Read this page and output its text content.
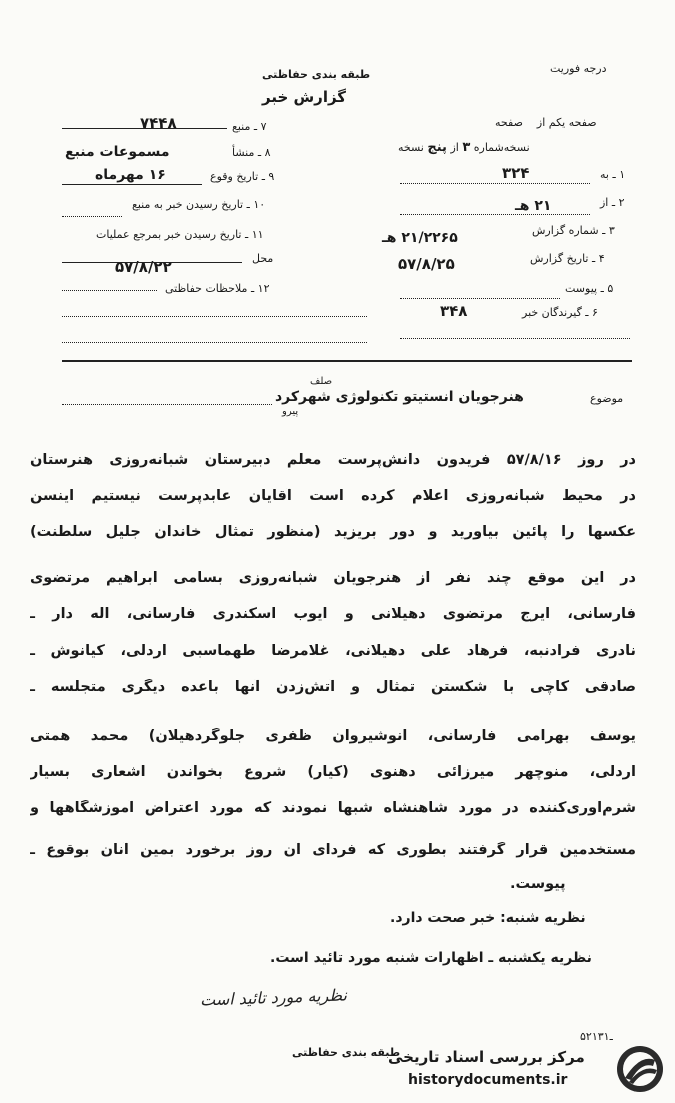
درجه فوریت
طبقه بندی حفاظتی
گزارش خبر
صفحه یکم از    صفحه
نسخه‌شماره ٣ از پنج نسخه
۱ ـ به
۳۲۴
۲ ـ از
۲۱ هـ
۳ ـ شماره گزارش
۲۱/۲۲۶۵ هـ
۴ ـ تاریخ گزارش
۵۷/۸/۲۵
۵ ـ پیوست
۶ ـ گیرندگان خبر
۳۴۸
۷ ـ منبع
۷۴۴۸
۸ ـ منشأ
مسموعات منبع
۹ ـ تاریخ وقوع
۱۶ مهرماه
۱۰ ـ تاریخ رسیدن خبر به منبع
۱۱ ـ تاریخ رسیدن خبر بمرجع عملیات
محل
۵۷/۸/۲۲
۱۲ ـ ملاحظات حفاظتی
موضوع
صلف
هنرجویان انستیتو تکنولوژی شهرکرد
پیرو
در روز ۵۷/۸/۱۶ فریدون دانش‌پرست معلم دبیرستان شبانه‌روزی هنرستان
در محیط شبانه‌روزی اعلام کرده است آقایان عابدپرست نیستیم اینسن
عکسها را پائین بیاورید و دور بریزید (منظور تمثال خاندان جلیل سلطنت)
در این موقع چند نفر از هنرجویان شبانه‌روزی بسامی ابراهیم مرتضوی
فارسانی، ایرج مرتضوی دهیلانی و ایوب اسکندری فارسانی، اله دار ـ
نادری فرادنبه، فرهاد علی دهیلانی، غلامرضا طهماسبی اردلی، کیانوش ـ
صادقی کاچی با شکستن تمثال و آتش‌زدن آنها باعده دیگری متجلسه ـ
یوسف بهرامی فارسانی، انوشیروان ظفری جلوگردهیلان) محمد همتی
اردلی، منوچهر میرزائی دهنوی (کیار) شروع بخواندن اشعاری بسیار
شرم‌آوری‌کننده در مورد شاهنشاه شبها نمودند که مورد اعتراض آموزشگاهها و
مستخدمین قرار گرفتند بطوری که فردای آن روز برخورد بمین آنان بوقوع ـ
پیوست.
نظریه شنبه: خبر صحت دارد.
نظریه یکشنبه ـ اظهارات شنبه مورد تائید است.
نظریه مورد تائید است
۵۲ـ۱۳۱
طبقه بندی حفاظتی
مرکز بررسی اسناد تاریخی
historydocuments.ir
